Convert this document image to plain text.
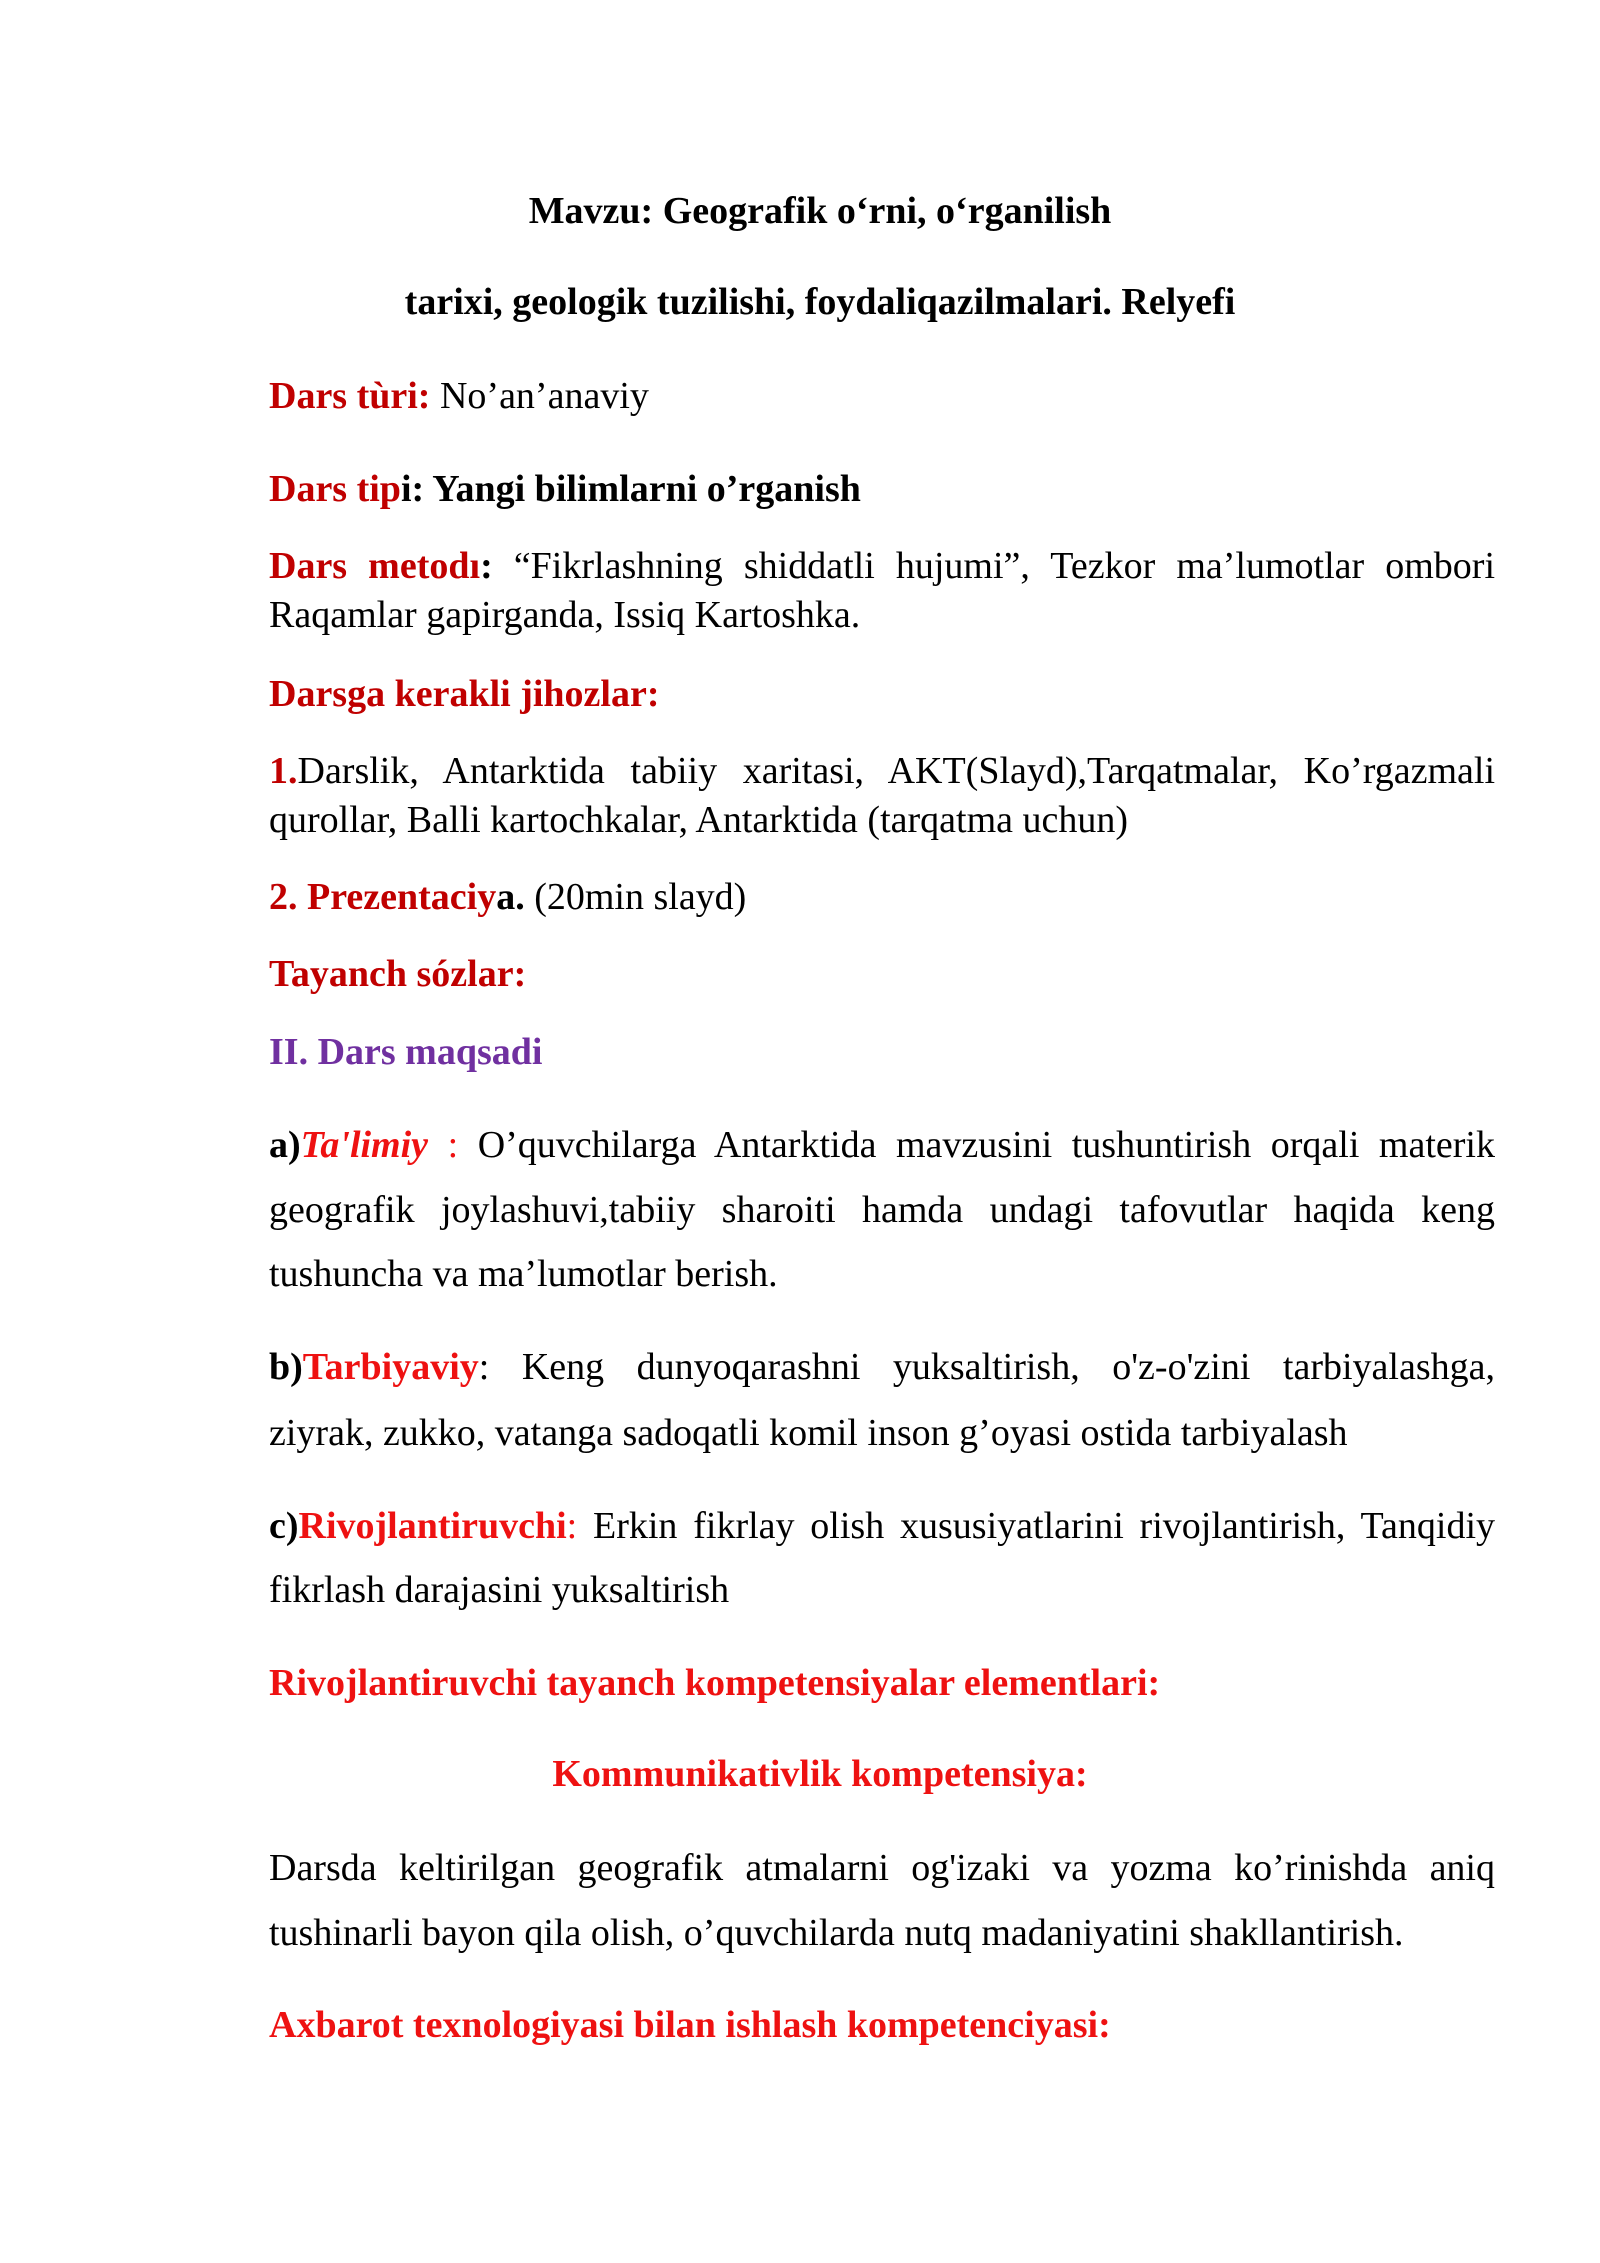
Mavzu: Geografik o‘rni, o‘rganilish
tarixi, geologik tuzilishi, foydaliqazilmalari. Relyefi
Dars tùri: No’an’anaviy
Dars tipi: Yangi bilimlarni o’rganish
Dars metodı: “Fikrlashning shiddatli hujumi”, Tezkor ma’lumotlar ombori
Raqamlar gapirganda, Issiq Kartoshka.
Darsga kerakli jihozlar:
1.Darslik, Antarktida tabiiy xaritasi, AKT(Slayd),Tarqatmalar, Ko’rgazmali
qurollar, Balli kartochkalar, Antarktida (tarqatma uchun)
2. Prezentaciya. (20min slayd)
Tayanch sózlar:
II. Dars maqsadi
a)Ta'limiy : O’quvchilarga Antarktida mavzusini tushuntirish orqali materik
geografik joylashuvi,tabiiy sharoiti hamda undagi tafovutlar haqida keng
tushuncha va ma’lumotlar berish.
b)Tarbiyaviy: Keng dunyoqarashni yuksaltirish, o'z-o'zini tarbiyalashga,
ziyrak, zukko, vatanga sadoqatli komil inson g’oyasi ostida tarbiyalash
c)Rivojlantiruvchi: Erkin fikrlay olish xususiyatlarini rivojlantirish, Tanqidiy
fikrlash darajasini yuksaltirish
Rivojlantiruvchi tayanch kompetensiyalar elementlari:
Kommunikativlik kompetensiya:
Darsda keltirilgan geografik atmalarni og'izaki va yozma ko’rinishda aniq
tushinarli bayon qila olish, o’quvchilarda nutq madaniyatini shakllantirish.
Axbarot texnologiyasi bilan ishlash kompetenciyasi:
